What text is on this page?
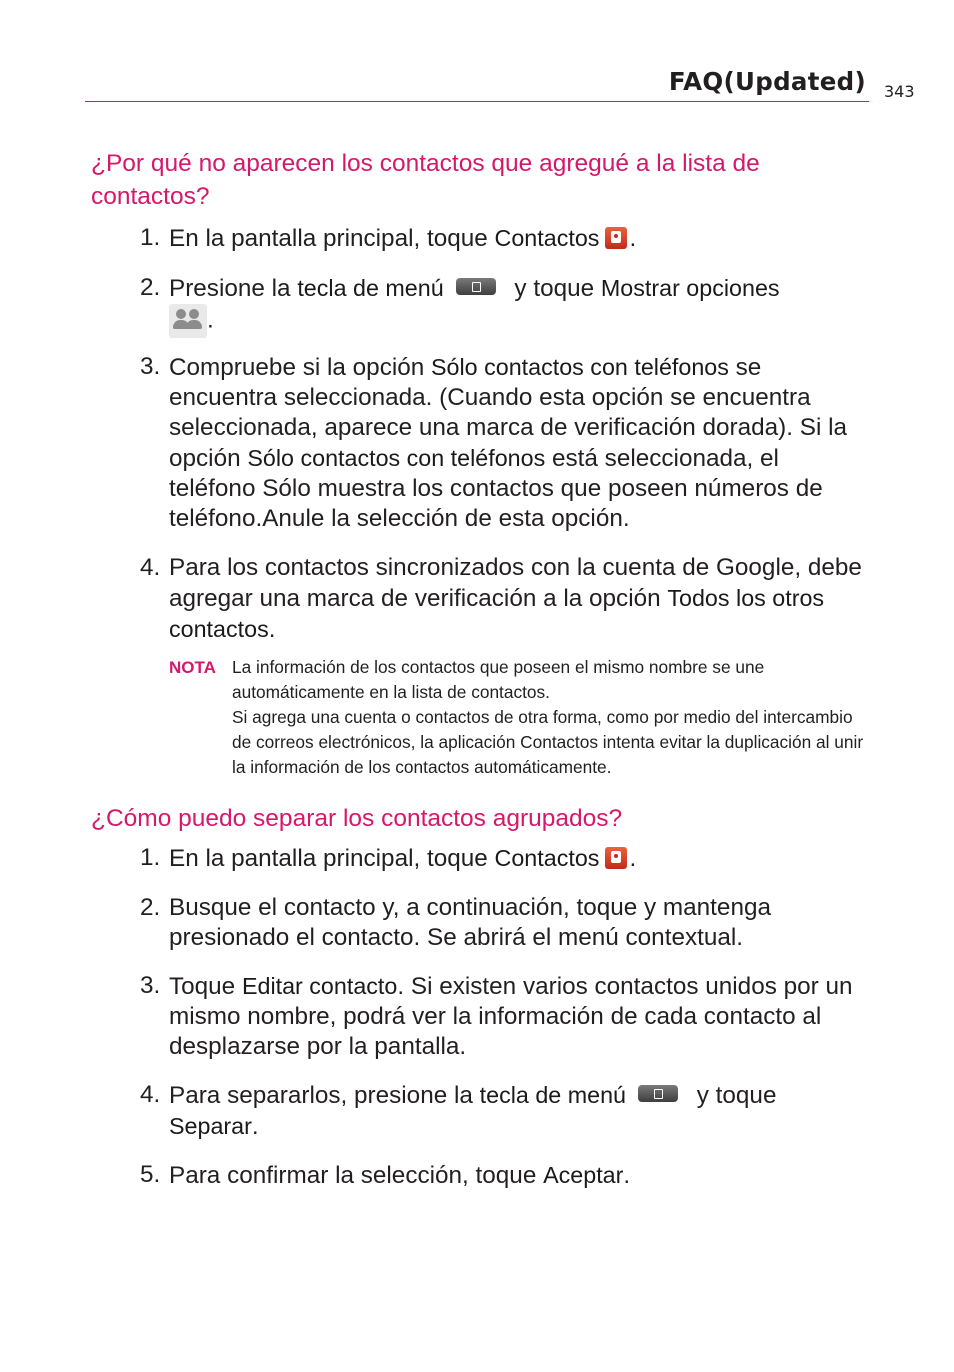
FAQ(Updated) 343
¿Por qué no aparecen los contactos que agregué a la lista de contactos?
1. En la pantalla principal, toque Contactos .
2. Presione la tecla de menú	y toque Mostrar opciones

.
3. Compruebe si la opción Sólo contactos con teléfonos se encuentra seleccionada. (Cuando esta opción se encuentra seleccionada, aparece una marca de verificación dorada). Si la opción Sólo contactos con teléfonos está seleccionada, el teléfono Sólo muestra los contactos que poseen números de teléfono.Anule la selección de esta opción.
4. Para los contactos sincronizados con la cuenta de Google, debe agregar una marca de verificación a la opción Todos los otros contactos.
NOTA La información de los contactos que poseen el mismo nombre se une automáticamente en la lista de contactos.
Si agrega una cuenta o contactos de otra forma, como por medio del intercambio de correos electrónicos, la aplicación Contactos intenta evitar la duplicación al unir la información de los contactos automáticamente.
¿Cómo puedo separar los contactos agrupados?
1. En la pantalla principal, toque Contactos .
2. Busque el contacto y, a continuación, toque y mantenga presionado el contacto. Se abrirá el menú contextual.
3. Toque Editar contacto. Si existen varios contactos unidos por un mismo nombre, podrá ver la información de cada contacto al desplazarse por la pantalla.
4. Para separarlos, presione la tecla de menú	y toque Separar.
5. Para confirmar la selección, toque Aceptar.
